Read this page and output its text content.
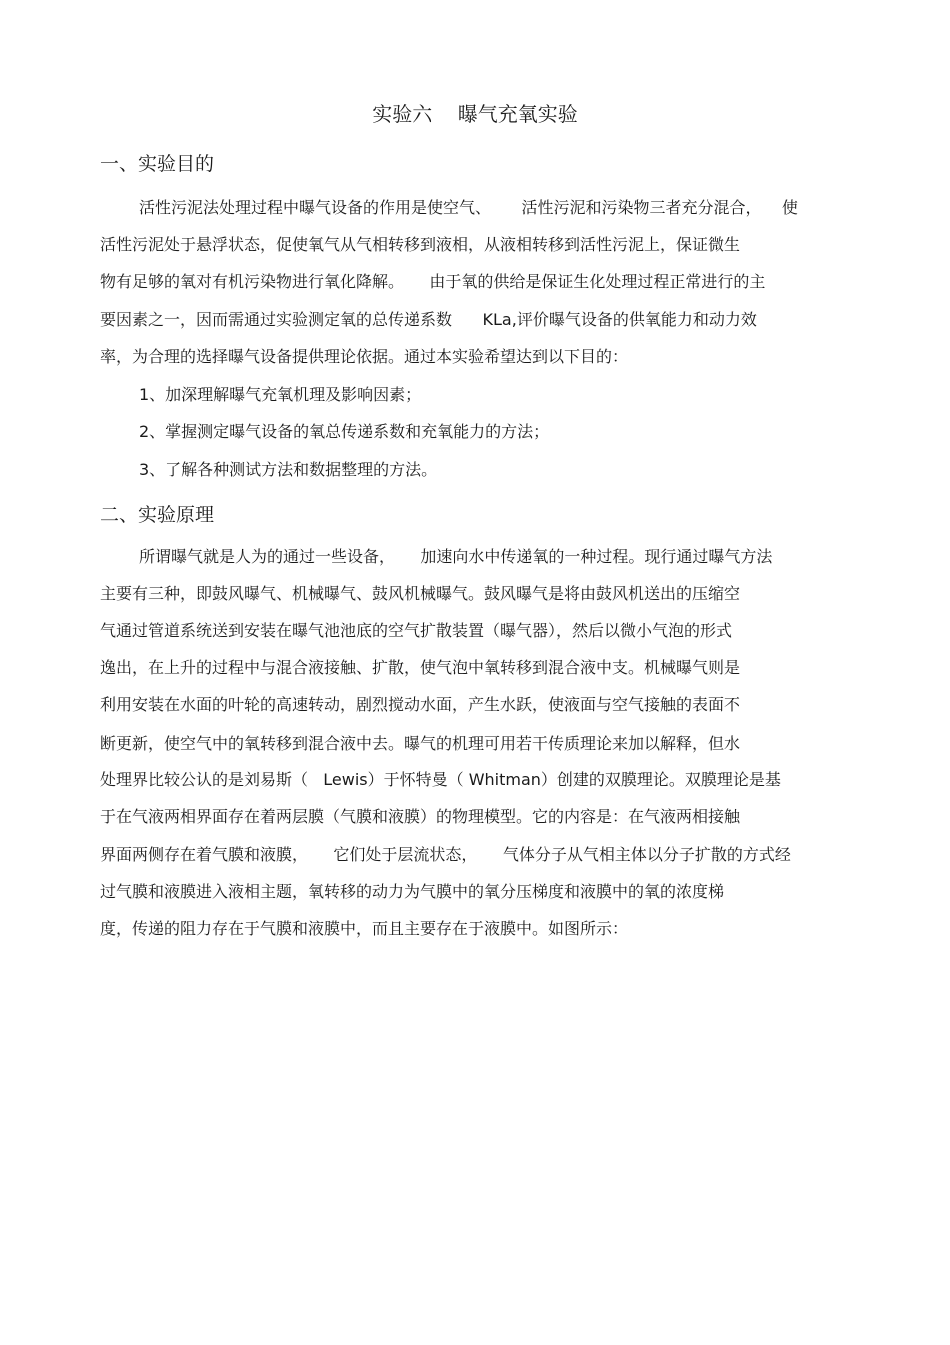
实验六    曝气充氧实验
一、实验目的

活性污泥法处理过程中曝气设备的作用是使空气、      活性污泥和污染物三者充分混合，    使

活性污泥处于悬浮状态，促使氧气从气相转移到液相，从液相转移到活性污泥上，保证微生

物有足够的氧对有机污染物进行氧化降解。     由于氧的供给是保证生化处理过程正常进行的主

要因素之一，因而需通过实验测定氧的总传递系数      KLa,评价曝气设备的供氧能力和动力效

率，为合理的选择曝气设备提供理论依据。通过本实验希望达到以下目的：

1、加深理解曝气充氧机理及影响因素；

2、掌握测定曝气设备的氧总传递系数和充氧能力的方法；

3、了解各种测试方法和数据整理的方法。

二、实验原理

所谓曝气就是人为的通过一些设备，     加速向水中传递氧的一种过程。现行通过曝气方法

主要有三种，即鼓风曝气、机械曝气、鼓风机械曝气。鼓风曝气是将由鼓风机送出的压缩空

气通过管道系统送到安装在曝气池池底的空气扩散装置（曝气器），然后以微小气泡的形式

逸出，在上升的过程中与混合液接触、扩散，使气泡中氧转移到混合液中支。机械曝气则是

利用安装在水面的叶轮的高速转动，剧烈搅动水面，产生水跃，使液面与空气接触的表面不

断更新，使空气中的氧转移到混合液中去。曝气的机理可用若干传质理论来加以解释，但水

处理界比较公认的是刘易斯（   Lewis）于怀特曼（ Whitman）创建的双膜理论。双膜理论是基

于在气液两相界面存在着两层膜（气膜和液膜）的物理模型。它的内容是：在气液两相接触

界面两侧存在着气膜和液膜，     它们处于层流状态，     气体分子从气相主体以分子扩散的方式经

过气膜和液膜进入液相主题，氧转移的动力为气膜中的氧分压梯度和液膜中的氧的浓度梯

度，传递的阻力存在于气膜和液膜中，而且主要存在于液膜中。如图所示：
